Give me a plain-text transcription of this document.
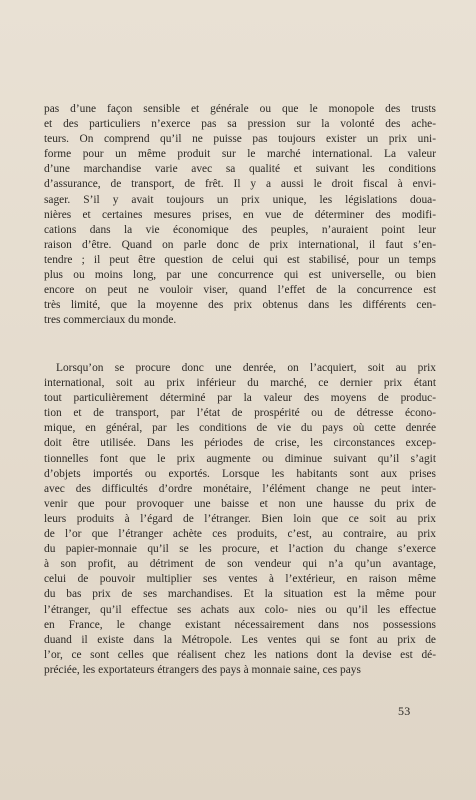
pas d’une façon sensible et générale ou que le monopole des trusts
et des particuliers n’exerce pas sa pression sur la volonté des ache-
teurs. On comprend qu’il ne puisse pas toujours exister un prix uni-
forme pour un même produit sur le marché international. La valeur
d’une marchandise varie avec sa qualité et suivant les conditions
d’assurance, de transport, de frêt. Il y a aussi le droit fiscal à envi-
sager. S’il y avait toujours un prix unique, les législations doua-
nières et certaines mesures prises, en vue de déterminer des modifi-
cations dans la vie économique des peuples, n’auraient point leur
raison d’être. Quand on parle donc de prix international, il faut s’en-
tendre ; il peut être question de celui qui est stabilisé, pour un temps
plus ou moins long, par une concurrence qui est universelle, ou bien
encore on peut ne vouloir viser, quand l’effet de la concurrence est
très limité, que la moyenne des prix obtenus dans les différents cen-
tres commerciaux du monde.
Lorsqu’on se procure donc une denrée, on l’acquiert, soit au prix
international, soit au prix inférieur du marché, ce dernier prix étant
tout particulièrement déterminé par la valeur des moyens de produc-
tion et de transport, par l’état de prospérité ou de détresse écono-
mique, en général, par les conditions de vie du pays où cette denrée
doit être utilisée. Dans les périodes de crise, les circonstances excep-
tionnelles font que le prix augmente ou diminue suivant qu’il s’agit
d’objets importés ou exportés. Lorsque les habitants sont aux prises
avec des difficultés d’ordre monétaire, l’élément change ne peut inter-
venir que pour provoquer une baisse et non une hausse du prix de
leurs produits à l’égard de l’étranger. Bien loin que ce soit au prix
de l’or que l’étranger achète ces produits, c’est, au contraire, au prix
du papier-monnaie qu’il se les procure, et l’action du change s’exerce
à son profit, au détriment de son vendeur qui n’a qu’un avantage,
celui de pouvoir multiplier ses ventes à l’extérieur, en raison même
du bas prix de ses marchandises. Et la situation est la même pour
l’étranger, qu’il effectue ses achats aux colo- nies ou qu’il les effectue
en France, le change existant nécessairement dans nos possessions
duand il existe dans la Métropole. Les ventes qui se font au prix de
l’or, ce sont celles que réalisent chez les nations dont la devise est dé-
préciée, les exportateurs étrangers des pays à monnaie saine, ces pays
53
